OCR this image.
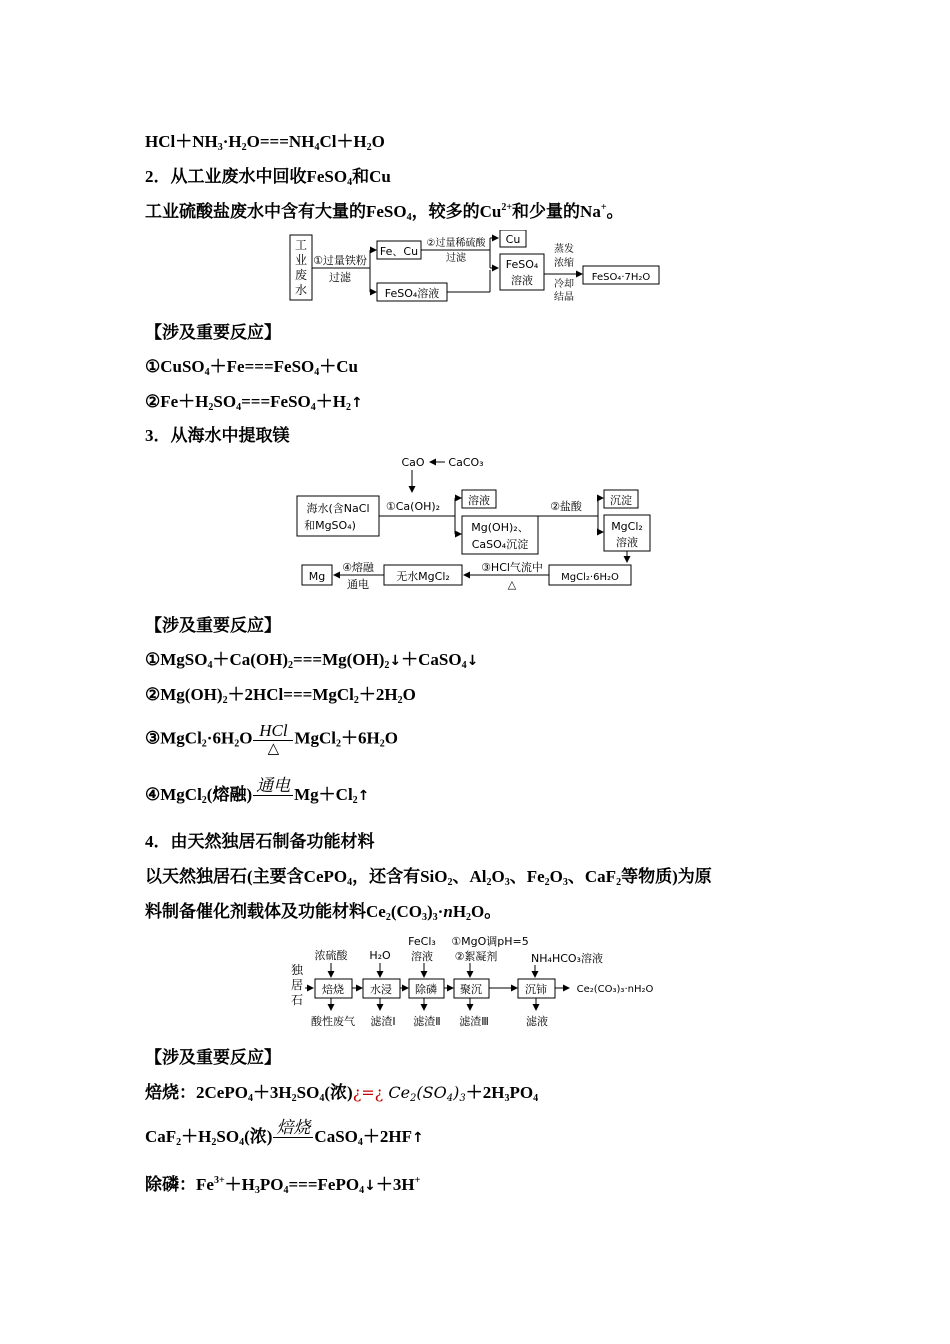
$HCl+NH_3\cdot H_2O===NH_4Cl+H_2O$
2．从工业废水中回收FeSO$_4$和Cu
工业硫酸盐废水中含有大量的FeSO$_4$，较多的$Cu^{2+}$和少量的Na+。
工
业
废
水
①过量铁粉
过滤
Fe、Cu
FeSO₄溶液
②过量稀硫酸
过滤
Cu
FeSO₄
溶液
蒸发
浓缩
冷却
结晶
FeSO₄·7H₂O
【涉及重要反应】
①CuSO$_4$＋Fe===FeSO$_4$＋Cu
$②Fe+H_2SO_4===FeSO_4+H_2↑$
3．从海水中提取镁
CaO CaCO₃
海水(含NaCl
和MgSO₄)
①Ca(OH)₂	溶液
Mg(OH)₂、
CaSO₄沉淀
②盐酸	沉淀
MgCl₂
溶液
MgCl₂·6H₂O
③HCl气流中
△
无水MgCl₂
④熔融
通电
Mg
【涉及重要反应】
$①MgSO_4+Ca(OH)_2===Mg(OH)_2↓+CaSO_4↓$
$②Mg(OH)_2+2HCl===MgCl_2+2H_2O$
$③MgCl_2\cdot 6H_2O \frac{\text{HCl}}{\triangle}$ $MgCl_2+6H_2O$
④MgCl$_2$(熔融) 通电 $Mg+Cl_2↑$
4．由天然独居石制备功能材料
以天然独居石(主要含CePO$_4$，还含有SiO$_2$、$Al_2O_3$、$Fe_2O_3$、CaF$_2$等物质)为原
料制备催化剂载体及功能材料$Ce_2(CO_3)_3\cdot nH_2O$。
独
居
石
浓硫酸 H₂O
FeCl₃
溶液
①MgO调pH=5
②絮凝剂	NH₄HCO₃溶液
焙烧 水浸 除磷 聚沉	沉铈	Ce₂(CO₃)₃·nH₂O
酸性废气 滤渣Ⅰ 滤渣Ⅱ 滤渣Ⅲ	滤液
【涉及重要反应】
焙烧：$2CePO_4+3H_2SO_4$(浓)¿=¿ $Ce_2(SO_4)_3+2H_3PO_4$
$CaF_2+H_2SO_4$(浓) 焙烧 CaSO$_4$＋2HF↑
除磷：$Fe^{3+}+H_3PO_4===FePO_4↓+3H^+$
